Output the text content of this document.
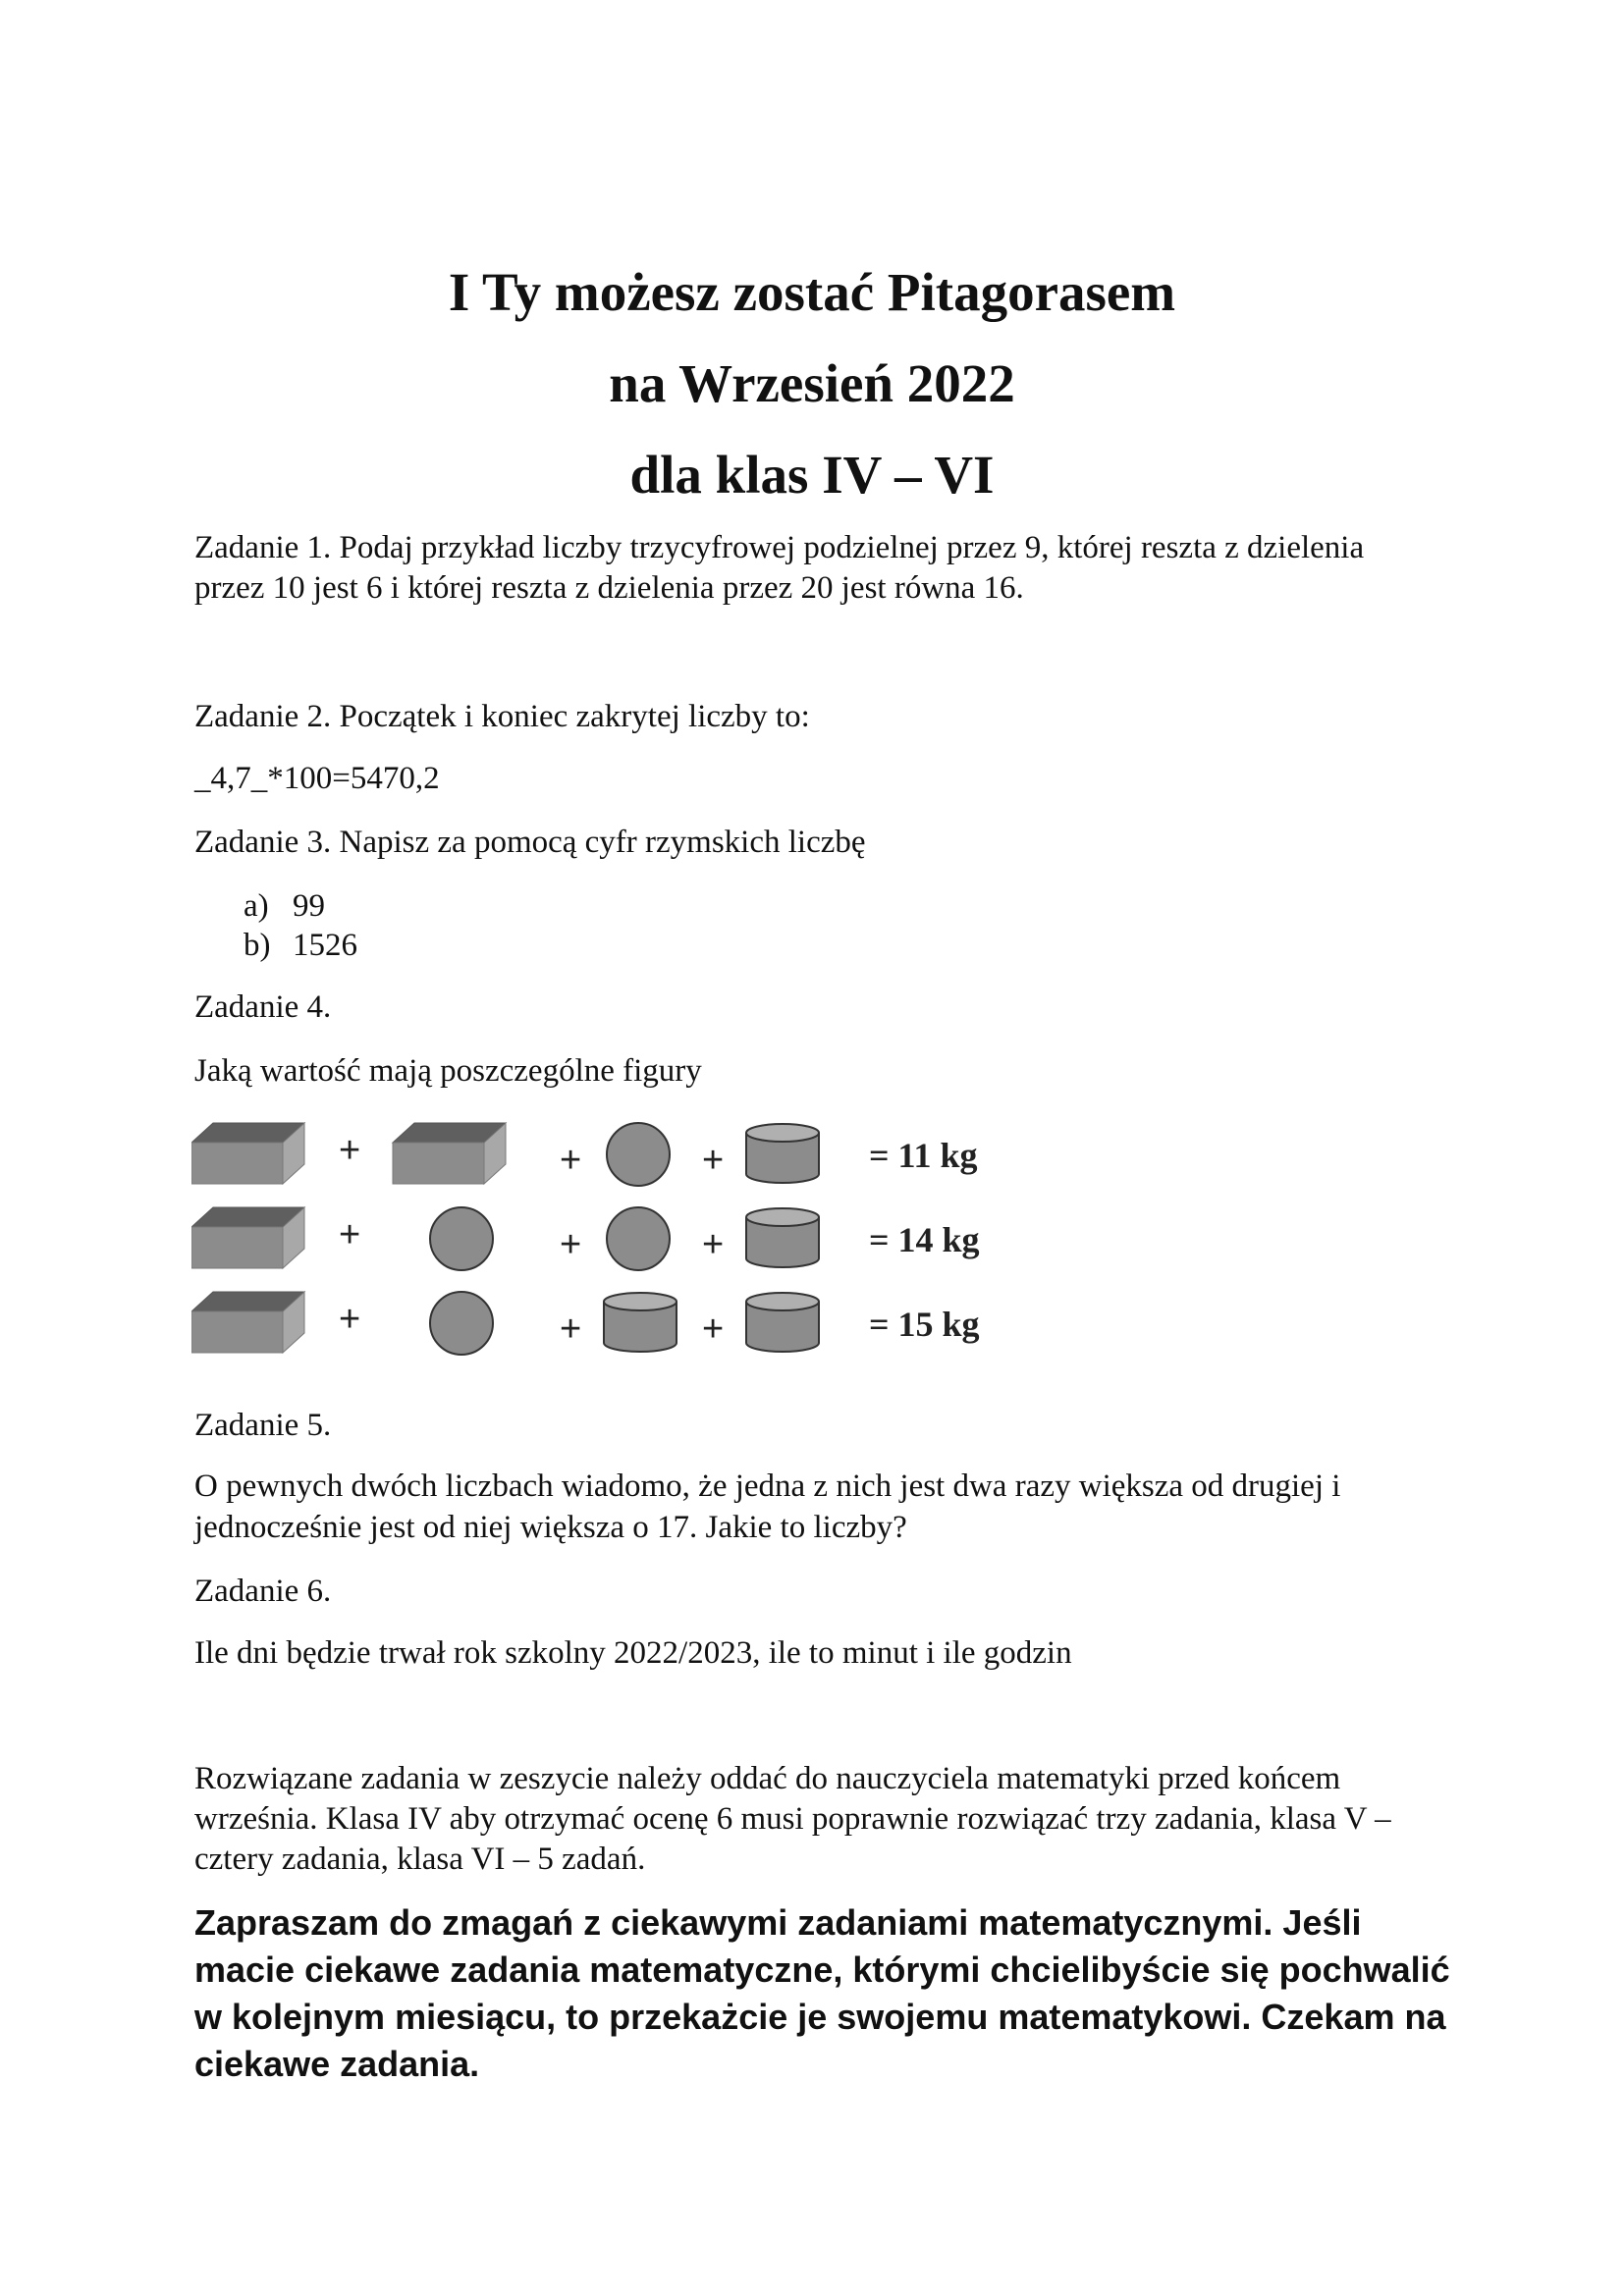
I Ty możesz zostać Pitagorasem
na Wrzesień 2022
dla klas IV – VI

Zadanie 1. Podaj przykład liczby trzycyfrowej podzielnej przez 9, której reszta z dzielenia

przez 10 jest 6 i której reszta z dzielenia przez 20 jest równa 16.

Zadanie 2. Początek i koniec zakrytej liczby to:

_4,7_*100=5470,2

Zadanie 3. Napisz za pomocą cyfr rzymskich liczbę

a) 99
b) 1526

Zadanie 4.

Jaką wartość mają poszczególne figury

+	+	+	= 11 kg
+	+	+	= 14 kg
+	+	+	= 15 kg

Zadanie 5.

O pewnych dwóch liczbach wiadomo, że jedna z nich jest dwa razy większa od drugiej i

jednocześnie jest od niej większa o 17. Jakie to liczby?

Zadanie 6.

Ile dni będzie trwał rok szkolny 2022/2023, ile to minut i ile godzin

Rozwiązane zadania w zeszycie należy oddać do nauczyciela matematyki przed końcem

września. Klasa IV aby otrzymać ocenę 6 musi poprawnie rozwiązać trzy zadania, klasa V –

cztery zadania, klasa VI – 5 zadań.

Zapraszam do zmagań z ciekawymi zadaniami matematycznymi. Jeśli
macie ciekawe zadania matematyczne, którymi chcielibyście się pochwalić
w kolejnym miesiącu, to przekażcie je swojemu matematykowi. Czekam na
ciekawe zadania.
